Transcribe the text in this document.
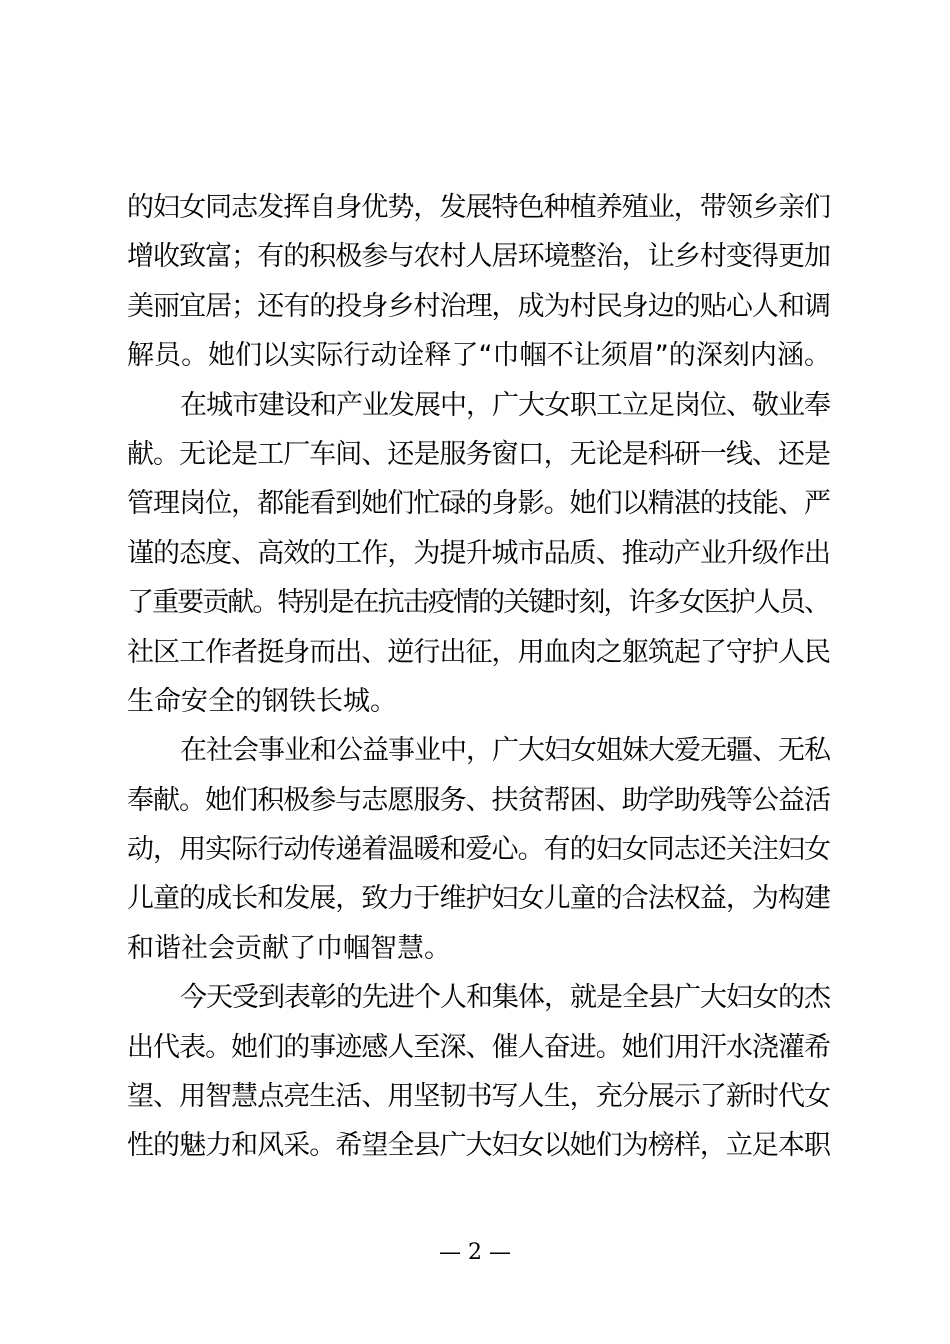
的妇女同志发挥自身优势，发展特色种植养殖业，带领乡亲们
增收致富；有的积极参与农村人居环境整治，让乡村变得更加
美丽宜居；还有的投身乡村治理，成为村民身边的贴心人和调
解员。她们以实际行动诠释了“巾帼不让须眉”的深刻内涵。
在城市建设和产业发展中，广大女职工立足岗位、敬业奉
献。无论是工厂车间、还是服务窗口，无论是科研一线、还是
管理岗位，都能看到她们忙碌的身影。她们以精湛的技能、严
谨的态度、高效的工作，为提升城市品质、推动产业升级作出
了重要贡献。特别是在抗击疫情的关键时刻，许多女医护人员、
社区工作者挺身而出、逆行出征，用血肉之躯筑起了守护人民
生命安全的钢铁长城。
在社会事业和公益事业中，广大妇女姐妹大爱无疆、无私
奉献。她们积极参与志愿服务、扶贫帮困、助学助残等公益活
动，用实际行动传递着温暖和爱心。有的妇女同志还关注妇女
儿童的成长和发展，致力于维护妇女儿童的合法权益，为构建
和谐社会贡献了巾帼智慧。
今天受到表彰的先进个人和集体，就是全县广大妇女的杰
出代表。她们的事迹感人至深、催人奋进。她们用汗水浇灌希
望、用智慧点亮生活、用坚韧书写人生，充分展示了新时代女
性的魅力和风采。希望全县广大妇女以她们为榜样，立足本职
— 2 —
